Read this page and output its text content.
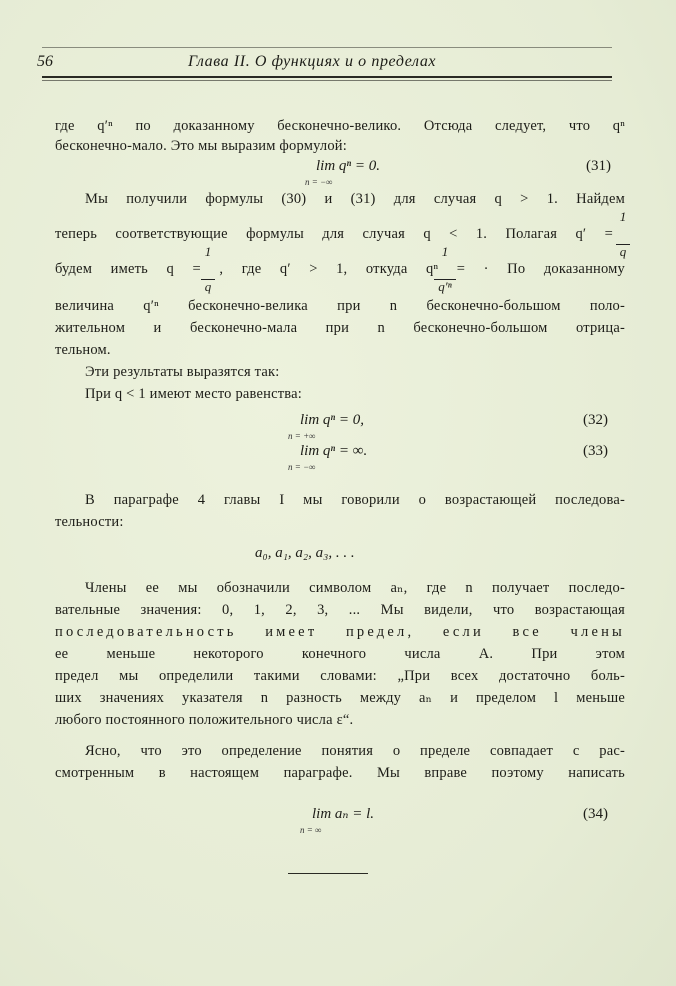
56	Глава II. О функциях и о пределах
где q′ⁿ по доказанному бесконечно-велико. Отсюда следует, что qⁿ
бесконечно-мало. Это мы выразим формулой:
lim qⁿ = 0.
n = −∞
(31)
Мы получили формулы (30) и (31) для случая q > 1. Найдем
1
теперь соответствующие формулы для случая q < 1. Полагая q′ =
q
1	1
будем иметь q = , где q′ > 1, откуда qⁿ = · По доказанному
q	q′ⁿ
величина q′ⁿ бесконечно-велика при n бесконечно-большом поло-
жительном и бесконечно-мала при n бесконечно-большом отрица-
тельном.
Эти результаты выразятся так:
При q < 1 имеют место равенства:
lim qⁿ = 0,
n = +∞
(32)
lim qⁿ = ∞.
n = −∞
(33)
В параграфе 4 главы I мы говорили о возрастающей последова-
тельности:
a₀, a₁, a₂, a₃, . . .
Члены ее мы обозначили символом aₙ, где n получает последо-
вательные значения: 0, 1, 2, 3, ... Мы видели, что возрастающая
последовательность имеет предел, если все члены
ее меньше некоторого конечного числа A. При этом
предел мы определили такими словами: „При всех достаточно боль-
ших значениях указателя n разность между aₙ и пределом l меньше
любого постоянного положительного числа ε“.
Ясно, что это определение понятия о пределе совпадает с рас-
смотренным в настоящем параграфе. Мы вправе поэтому написать
lim aₙ = l.
n = ∞
(34)
